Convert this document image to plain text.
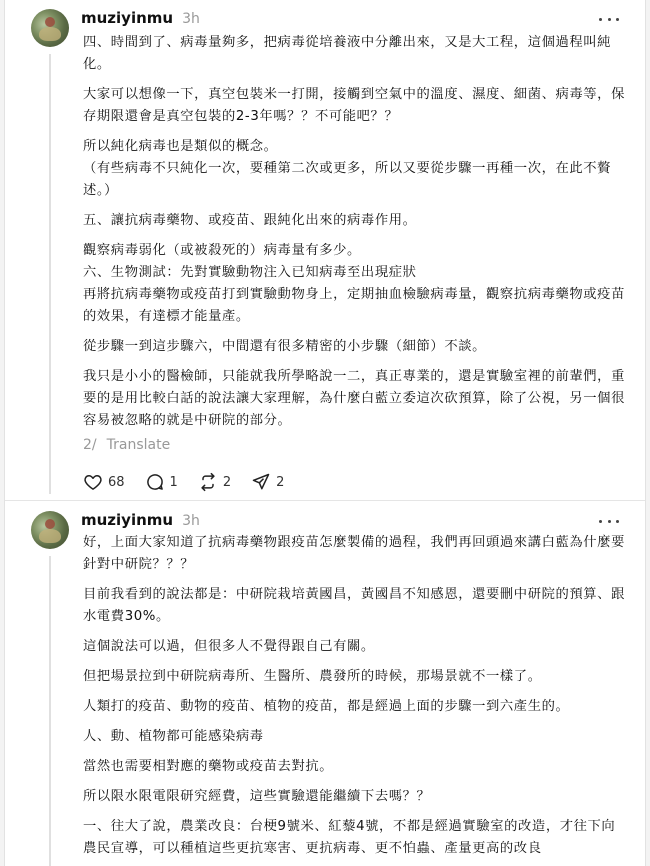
muziyinmu 3h

四、時間到了、病毒量夠多，把病毒從培養液中分離出來，又是大工程，這個過程叫純化。

大家可以想像一下，真空包裝米一打開，接觸到空氣中的溫度、濕度、細菌、病毒等，保存期限還會是真空包裝的2-3年嗎？？不可能吧？？

所以純化病毒也是類似的概念。

（有些病毒不只純化一次，要種第二次或更多，所以又要從步驟一再種一次，在此不贅述。）

五、讓抗病毒藥物、或疫苗、跟純化出來的病毒作用。

觀察病毒弱化（或被殺死的）病毒量有多少。

六、生物測試：先對實驗動物注入已知病毒至出現症狀

再將抗病毒藥物或疫苗打到實驗動物身上，定期抽血檢驗病毒量，觀察抗病毒藥物或疫苗的效果，有達標才能量產。

從步驟一到這步驟六，中間還有很多精密的小步驟（細節）不談。

我只是小小的醫檢師，只能就我所學略說一二，真正專業的，還是實驗室裡的前輩們，重要的是用比較白話的說法讓大家理解，為什麼白藍立委這次砍預算，除了公視，另一個很容易被忽略的就是中研院的部分。

2/ Translate
68	1	2	2
muziyinmu 3h

好，上面大家知道了抗病毒藥物跟疫苗怎麼製備的過程，我們再回頭過來講白藍為什麼要針對中研院？？？

目前我看到的說法都是：中研院栽培黃國昌，黃國昌不知感恩，還要刪中研院的預算、跟水電費30%。

這個說法可以過，但很多人不覺得跟自己有關。

但把場景拉到中研院病毒所、生醫所、農發所的時候，那場景就不一樣了。

人類打的疫苗、動物的疫苗、植物的疫苗，都是經過上面的步驟一到六產生的。

人、動、植物都可能感染病毒

當然也需要相對應的藥物或疫苗去對抗。

所以限水限電限研究經費，這些實驗還能繼續下去嗎？？

一、往大了說，農業改良：台梗9號米、紅藜4號，不都是經過實驗室的改造，才往下向農民宣導，可以種植這些更抗寒害、更抗病毒、更不怕蟲、產量更高的改良
